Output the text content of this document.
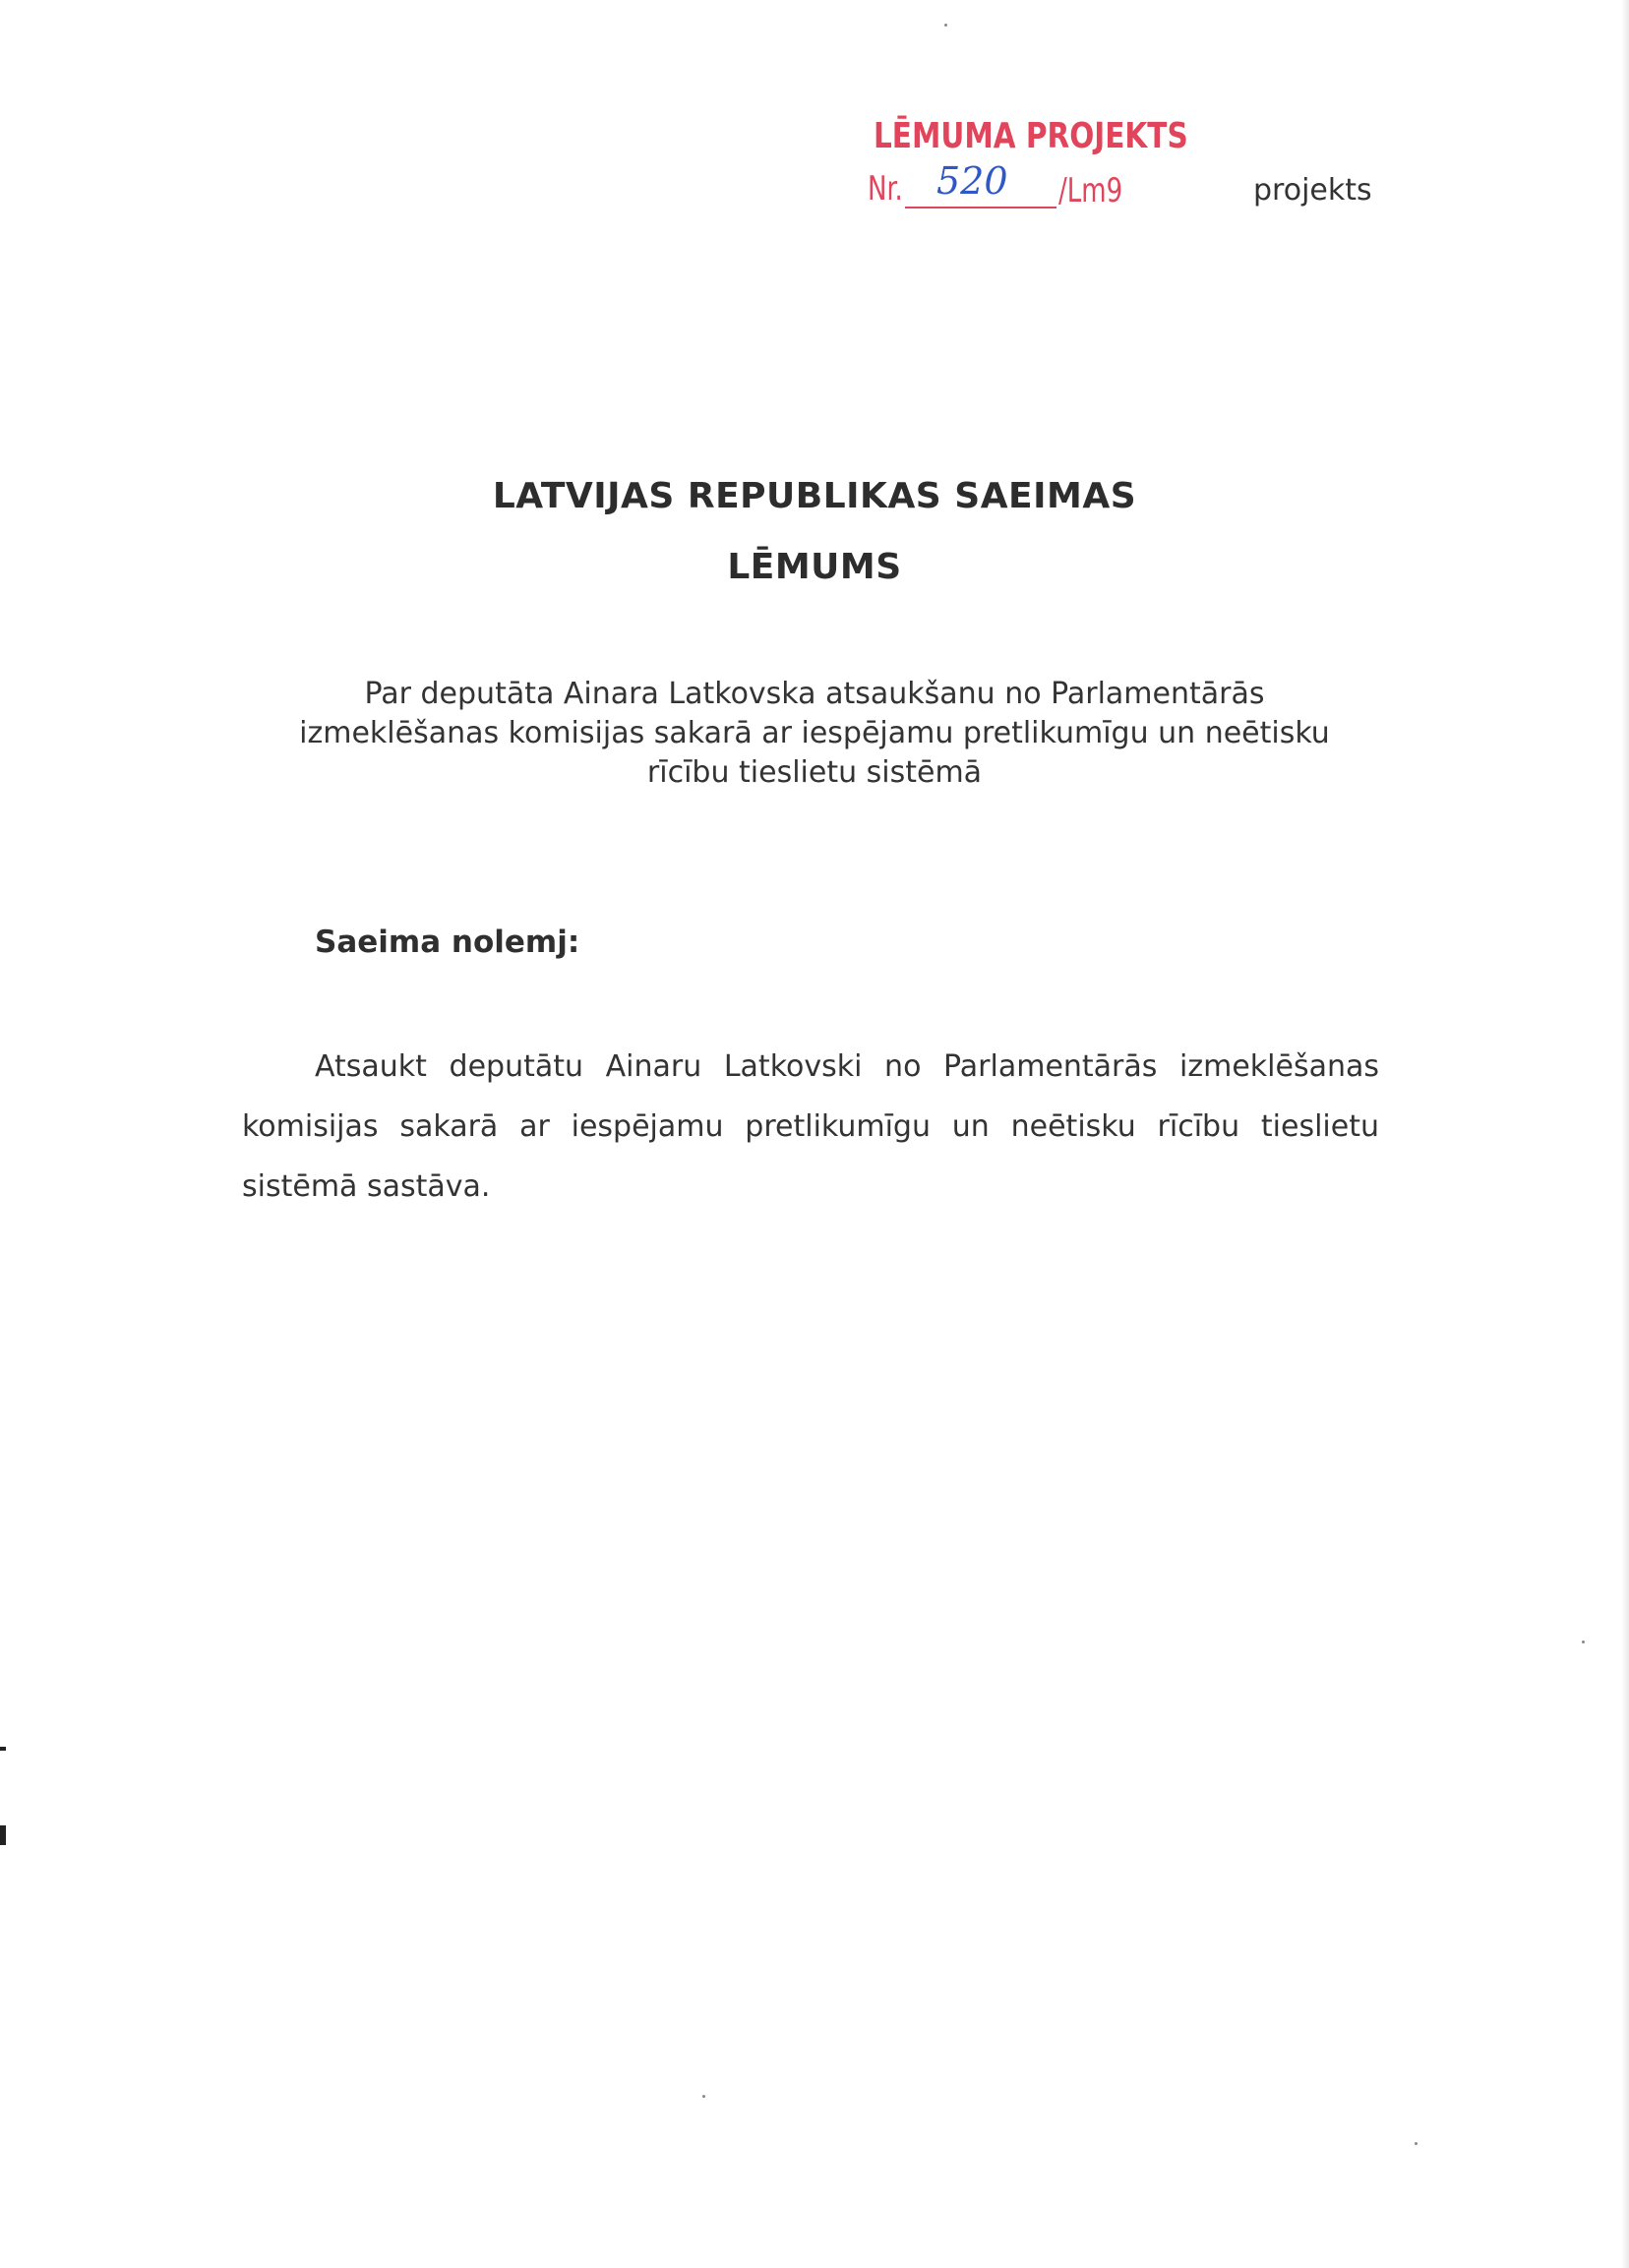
LĒMUMA PROJEKTS
Nr. 520 /Lm9	projekts
LATVIJAS REPUBLIKAS SAEIMAS
LĒMUMS
Par deputāta Ainara Latkovska atsaukšanu no Parlamentārās
izmeklēšanas komisijas sakarā ar iespējamu pretlikumīgu un neētisku
rīcību tieslietu sistēmā
Saeima nolemj:
Atsaukt deputātu Ainaru Latkovski no Parlamentārās izmeklēšanas komisijas sakarā ar iespējamu pretlikumīgu un neētisku rīcību tieslietu sistēmā sastāva.
